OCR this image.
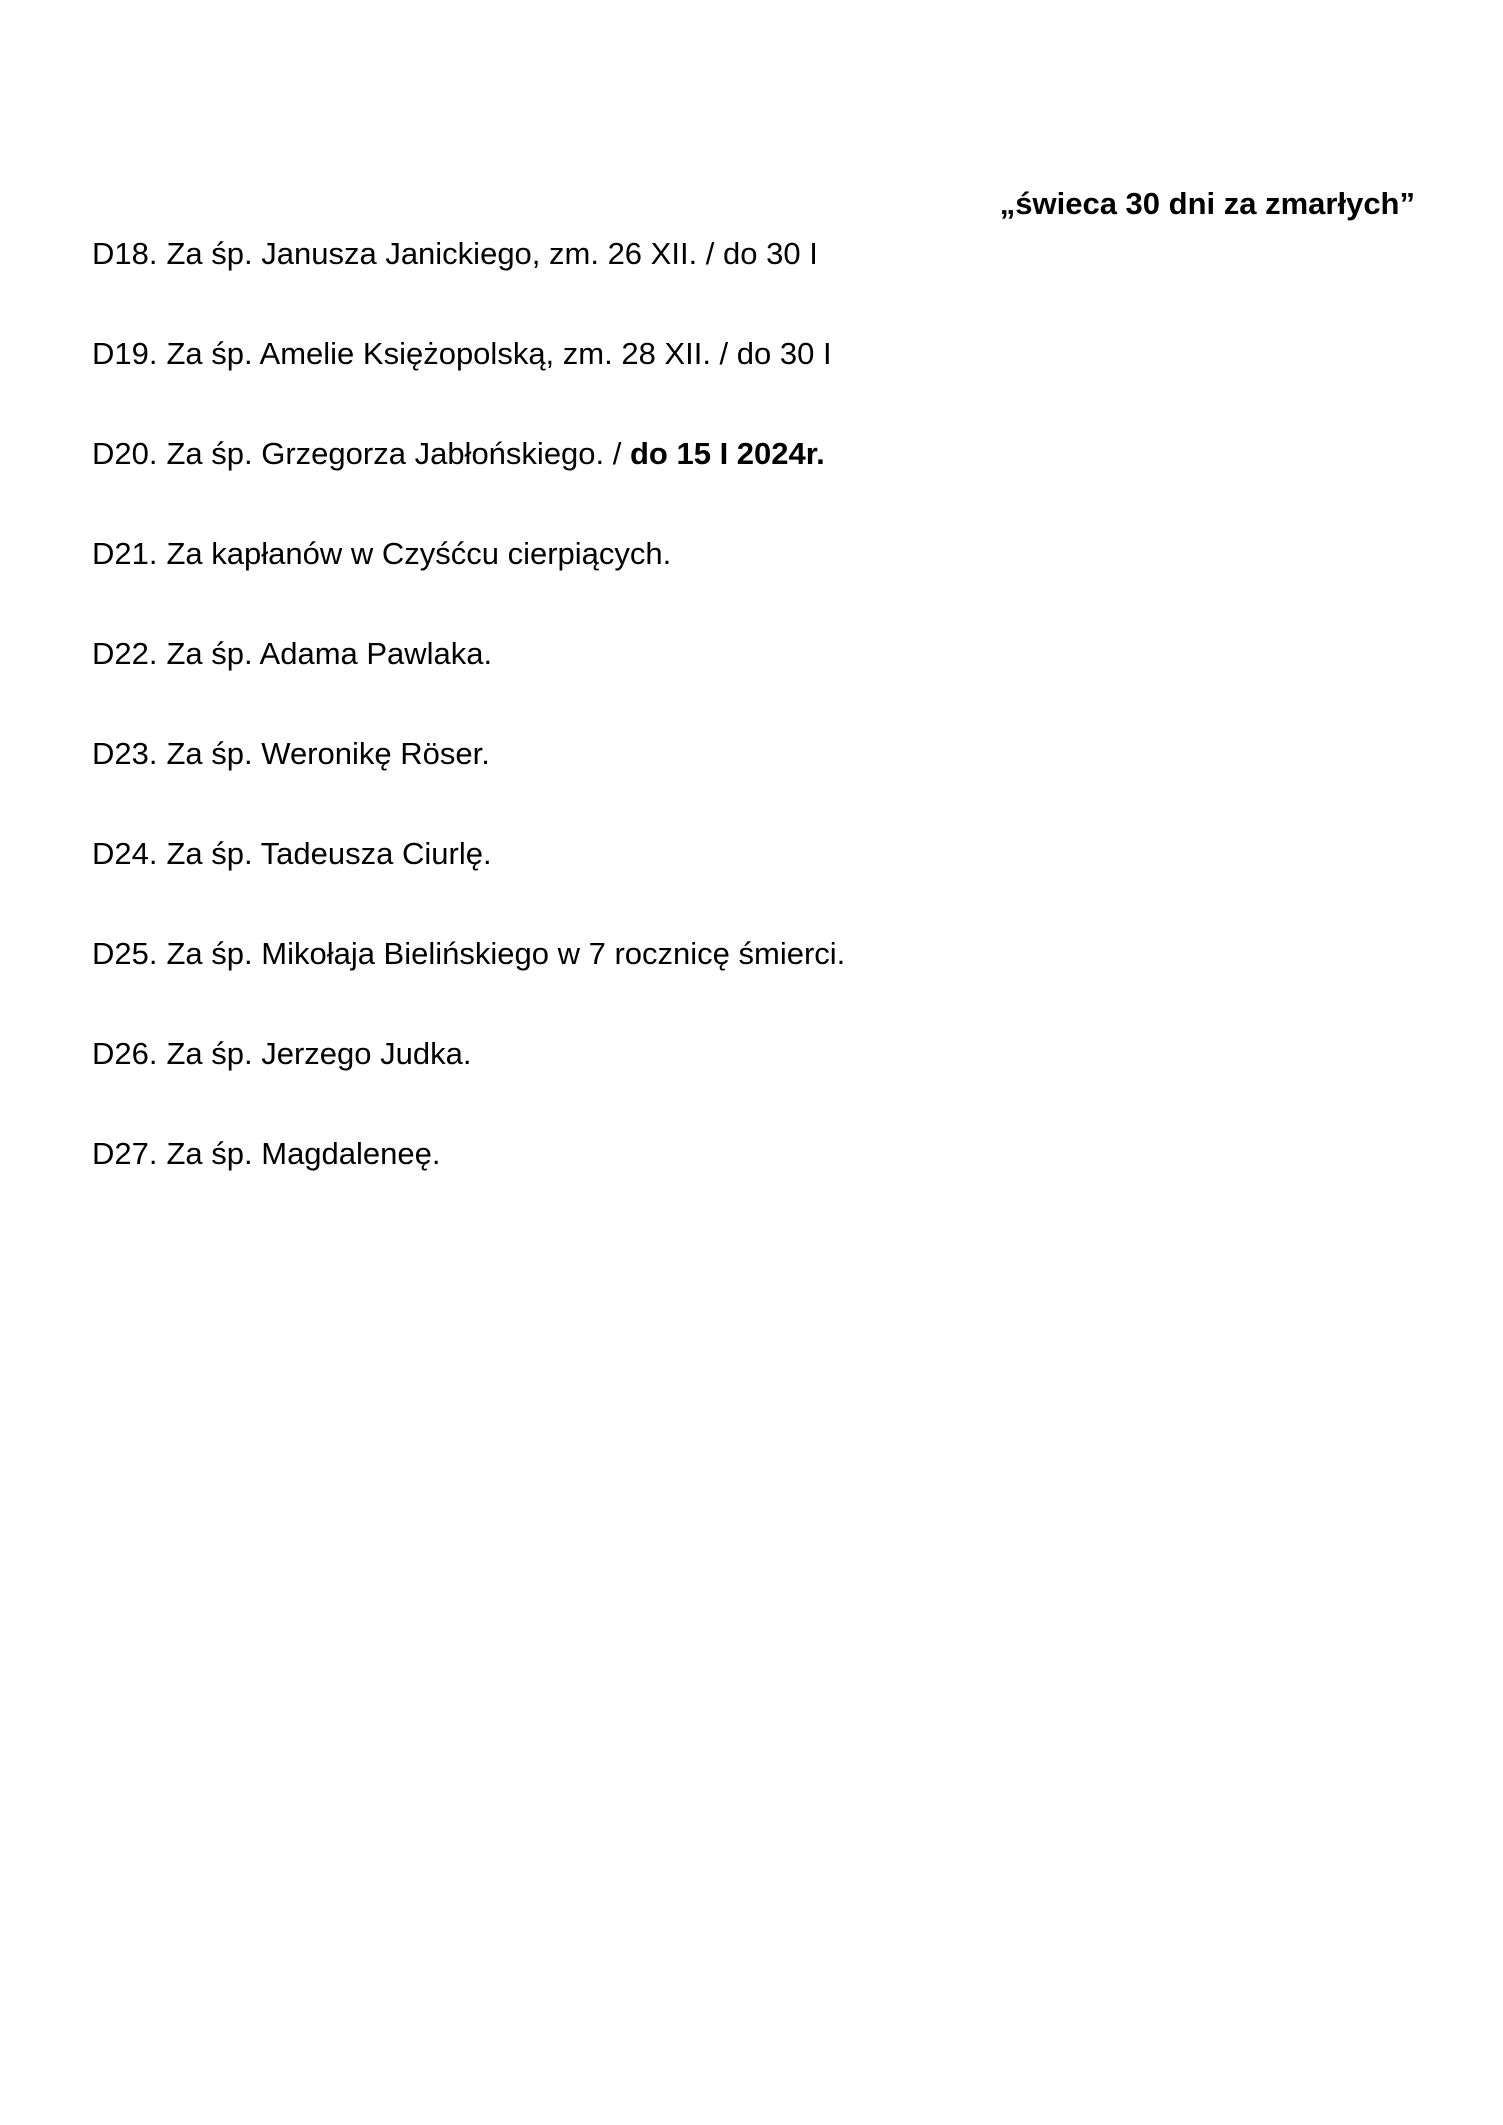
„świeca 30 dni za zmarłych”
D18. Za śp. Janusza Janickiego, zm. 26 XII. / do 30 I
D19. Za śp. Amelie Księżopolską, zm. 28 XII. / do 30 I
D20. Za śp. Grzegorza Jabłońskiego. / do 15 I 2024r.
D21. Za kapłanów w Czyśćcu cierpiących.
D22. Za śp. Adama Pawlaka.
D23. Za śp. Weronikę Röser.
D24. Za śp. Tadeusza Ciurlę.
D25. Za śp. Mikołaja Bielińskiego w 7 rocznicę śmierci.
D26. Za śp. Jerzego Judka.
D27. Za śp. Magdaleneę.
